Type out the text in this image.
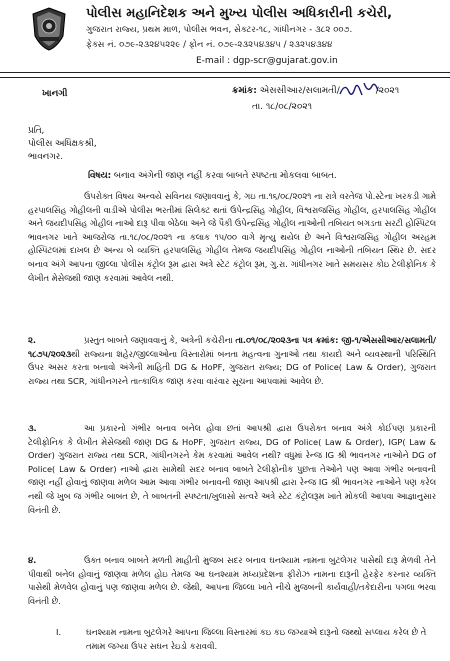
પોલીસ મહાનિદેશક અને મુખ્ય પોલીસ અધિકારીની કચેરી,
ગુજરાત રાજ્ય, પ્રથમ માળ, પોલીસ ભવન, સેક્ટર-૧૮, ગાંધીનગર - ૩૮૨ ૦૦૭.
ફેક્સ નં. ૦૭૯-૨૩૨૪૫૨૨૯ / ફોન નં. ૦૭૯-૨૩૨૫૪૩૪૫ / ૨૩૨૫૪૩૪૪
E-mail : dgp-scr@gujarat.gov.in
ખાનગી	ક્રમાંક: એસસીઆર/સલામતી/	/૨૦૨૧
તા. ૧૮/૦૮/૨૦૨૧
પ્રતિ,
પોલીસ અધિક્ષકશ્રી,
ભાવનગર.
વિષય: બનાવ અંગેની જાણ નહીં કરવા બાબતે સ્પષ્ટતા મોકલવા બાબત.

ઉપરોક્ત વિષય અન્વયે સવિનય જણાવવાનું કે, ગઇ તા.૧૬/૦૮/૨૦૨૧ ના રાત્રે વરતેજ પો.સ્ટેના ખરકડી ગામે હરપાલસિંહ ગોહીલની વાડીએ પોલીસ ભરતીમાં સિલેક્ટ થતાં ઉપેન્દ્રસિંહ ગોહીલ, વિશ્વરાજસિંહ ગોહીલ, હરપાલસિંહ ગોહીલ અને જયદીપસિંહ ગોહીલ નાઓ દારૂ પીવા બેઠેલા અને જે પૈકી ઉપેન્દ્રસિંહ ગોહીલ નાઓની તબિયત બગડતા સરટી હોસ્પિટલ ભાવનગર ખાતે આજરોજ તા.૧૮/૦૮/૨૦૨૧ ના કલાક ૧૫/૦૦ વાગે મૃત્યુ થયેલ છે અને વિશ્વરાજસિંહ ગોહીલ અરહમ હોસ્પિટલમાં દાખલ છે અન્ય બે વ્યક્તિ હરપાલસિંહ ગોહીલ તેમજ જયદીપસિંહ ગોહીલ નાઓની તબિયત સ્થિર છે. સદર બનાવ અંગે આપના જીલ્લા પોલીસ કંટ્રોલ રૂમ દ્વારા અત્રે સ્ટેટ કંટ્રોલ રૂમ, ગુ.રા. ગાંધીનગર ખાતે સમયસર કોઇ ટેલીફોનિક કે લેખીત મેસેજથી જાણ કરવામાં આવેલ નથી.

૨.	પ્રસ્તુત બાબતે જણાવવાનું કે, અત્રેની કચેરીના તા.૦૧/૦૮/૨૦૨૩ના પત્ર ક્રમાંક: જી-૧/એસસીઆર/સલામતી/૧૮૭૫/૨૦૨૩થી રાજ્યના શહેર/જીલ્લાઓના વિસ્તારોમાં બનતા મહત્વના ગુનાઓ તથા કાયદો અને વ્યવસ્થાની પરિસ્થિતિ ઉપર અસર કરતા બનાવો અંગેની માહિતી DG & HoPF, ગુજરાત રાજ્ય; DG of Police( Law & Order), ગુજરાત રાજ્ય તથા SCR, ગાંધીનગરને તાત્કાલિક જાણ કરવા વારંવાર સૂચના આપવામાં આવેલ છે.

૩.	આ પ્રકારનો ગંભીર બનાવ બનેલ હોવા છતાં આપશ્રી દ્વારા ઉપરોક્ત બનાવ અંગે કોઈપણ પ્રકારની ટેલીફોનિક કે લેખીત મેસેજથી જાણ DG & HoPF, ગુજરાત રાજ્ય, DG of Police( Law & Order), IGP( Law & Order) ગુજરાત રાજ્ય તથા SCR, ગાંધીનગરને કેમ કરવામાં આવેલ નથી? વધુમાં રેન્જ IG શ્રી ભાવનગર નાઓને DG of Police( Law & Order) નાઓ દ્વારા સામેથી સદર બનાવ બાબતે ટેલીફોનીક પુછતા તેઓને પણ આવા ગંભીર બનાવની જાણ નહીં હોવાનું જાણવા મળેલ આમ આવા ગંભીર બનાવની જાણ આપશ્રી દ્વારા રેન્જ IG શ્રી ભાવનગર નાઓને પણ કરેલ નથી જે ખુબ જ ગંભીર બાબત છે, તે બાબતની સ્પષ્ટતા/ખુલાસો સત્વરે અત્રે સ્ટેટ કંટ્રોલરૂમ ખાતે મોકલી આપવા આજ્ઞાનુસાર વિનંતી છે.

૪.	ઉક્ત બનાવ બાબતે મળતી માહીતી મુજબ સદર બનાવ ઘનશ્યામ નામના બુટલેગર પાસેથી દારૂ મેળવી તેને પીવાથી બનેલ હોવાનું જાણવા મળેલ હોઇ તેમજ આ ઘનશ્યામ મધ્યપ્રદેશના ફીરોઝ નામના દારૂની હેરફેર કરનાર વ્યક્તિ પાસેથી મેળવેલ હોવાનું પણ જાણવા મળેલ છે. જેથી, આપના જિલ્લા ખાતે નીચે મુજબની કાર્યવાહી/તકેદારીના પગલા ભરવા વિનંતી છે.

I.	ઘનશ્યામ નામના બુટલેગરે આપના જિલ્લા વિસ્તારમાં કઇ કઇ જગ્યાએ દારૂનો જથ્થો સપ્લાય કરેલ છે તે તમામ જગ્યા ઉપર સઘન રેઇડો કરાવવી.
